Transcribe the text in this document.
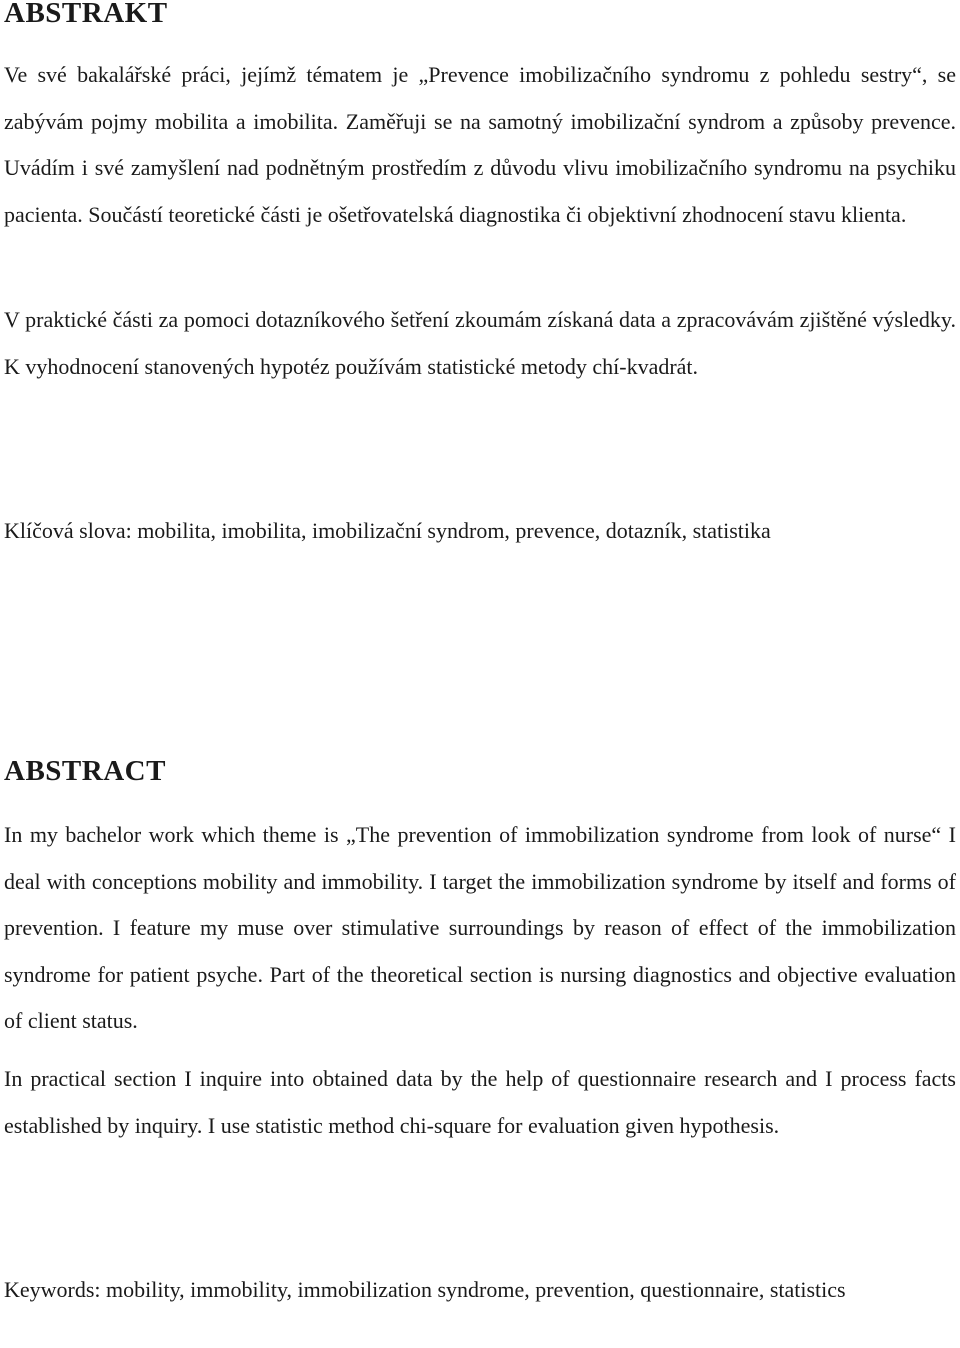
ABSTRAKT

Ve své bakalářské práci, jejímž tématem je „Prevence imobilizačního syndromu z pohledu sestry“, se zabývám pojmy mobilita a imobilita. Zaměřuji se na samotný imobilizační syndrom a způsoby prevence. Uvádím i své zamyšlení nad podnětným prostředím z důvodu vlivu imobilizačního syndromu na psychiku pacienta. Součástí teoretické části je ošetřovatelská diagnostika či objektivní zhodnocení stavu klienta.

V praktické části za pomoci dotazníkového šetření zkoumám získaná data a zpracovávám zjištěné výsledky. K vyhodnocení stanovených hypotéz používám statistické metody chí-kvadrát.

Klíčová slova: mobilita, imobilita, imobilizační syndrom, prevence, dotazník, statistika

ABSTRACT

In my bachelor work which theme is „The prevention of immobilization syndrome from look of nurse“ I deal with conceptions mobility and immobility. I target the immobilization syndrome by itself and forms of prevention. I feature my muse over stimulative surroundings by reason of effect of the immobilization syndrome for patient psyche. Part of the theoretical section is nursing diagnostics and objective evaluation of client status.

In practical section I inquire into obtained data by the help of questionnaire research and I process facts established by inquiry. I use statistic method chi-square for evaluation given hypothesis.

Keywords: mobility, immobility, immobilization syndrome, prevention, questionnaire, statistics
